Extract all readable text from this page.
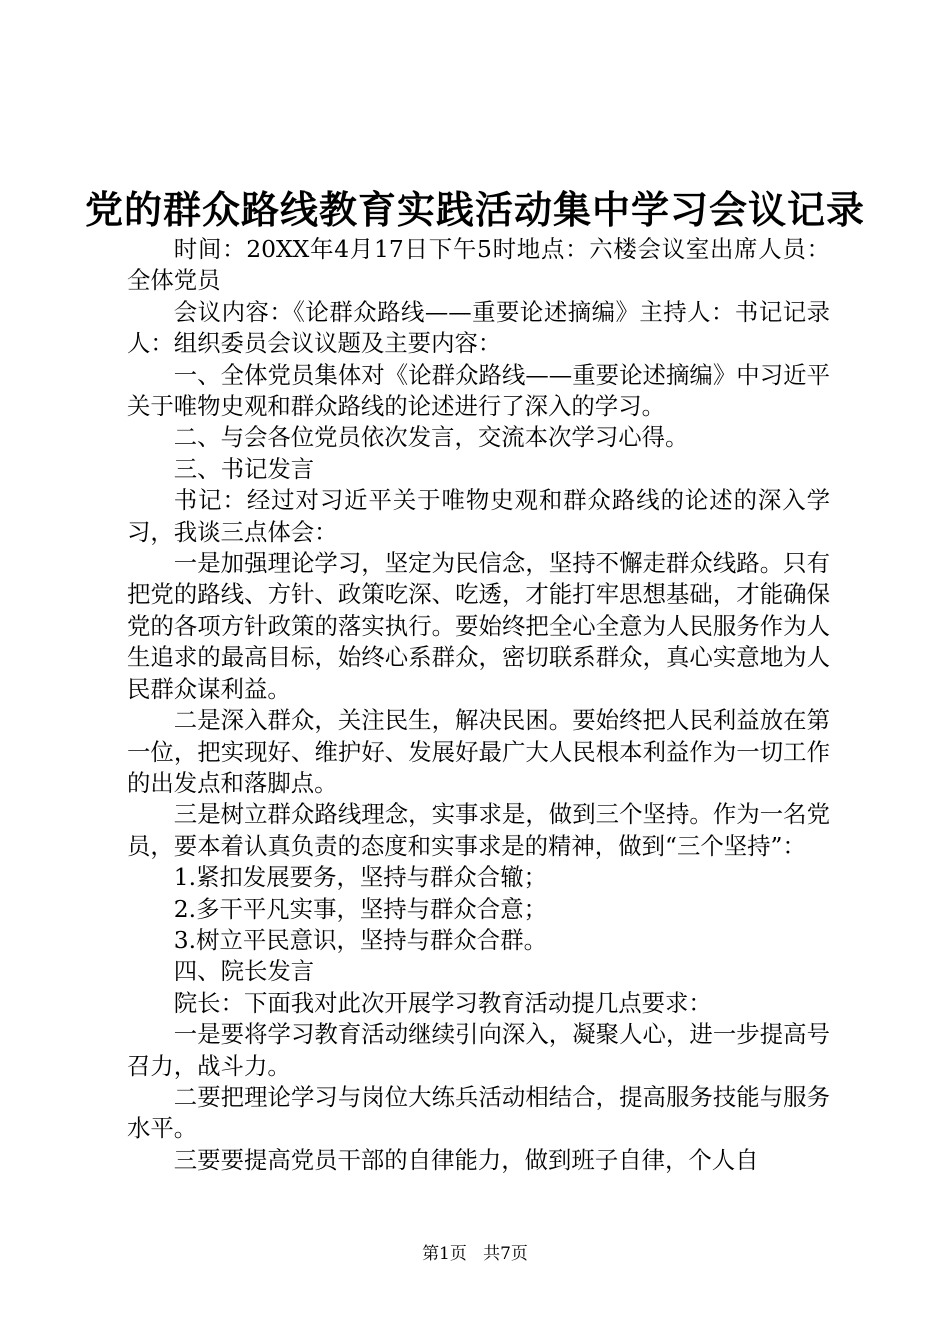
党的群众路线教育实践活动集中学习会议记录

时间：20XX年4月17日下午5时地点：六楼会议室出席人员：全体党员

会议内容：《论群众路线——重要论述摘编》主持人：书记记录人：组织委员会议议题及主要内容：

一、全体党员集体对《论群众路线——重要论述摘编》中习近平关于唯物史观和群众路线的论述进行了深入的学习。

二、与会各位党员依次发言，交流本次学习心得。

三、书记发言

书记：经过对习近平关于唯物史观和群众路线的论述的深入学习，我谈三点体会：

一是加强理论学习，坚定为民信念，坚持不懈走群众线路。只有把党的路线、方针、政策吃深、吃透，才能打牢思想基础，才能确保党的各项方针政策的落实执行。要始终把全心全意为人民服务作为人生追求的最高目标，始终心系群众，密切联系群众，真心实意地为人民群众谋利益。

二是深入群众，关注民生，解决民困。要始终把人民利益放在第一位，把实现好、维护好、发展好最广大人民根本利益作为一切工作的出发点和落脚点。

三是树立群众路线理念，实事求是，做到三个坚持。作为一名党员，要本着认真负责的态度和实事求是的精神，做到“三个坚持”：

1.紧扣发展要务，坚持与群众合辙；

2.多干平凡实事，坚持与群众合意；

3.树立平民意识，坚持与群众合群。

四、院长发言

院长：下面我对此次开展学习教育活动提几点要求：

一是要将学习教育活动继续引向深入，凝聚人心，进一步提高号召力，战斗力。

二要把理论学习与岗位大练兵活动相结合，提高服务技能与服务水平。

三要要提高党员干部的自律能力，做到班子自律，个人自

第1页 共7页
